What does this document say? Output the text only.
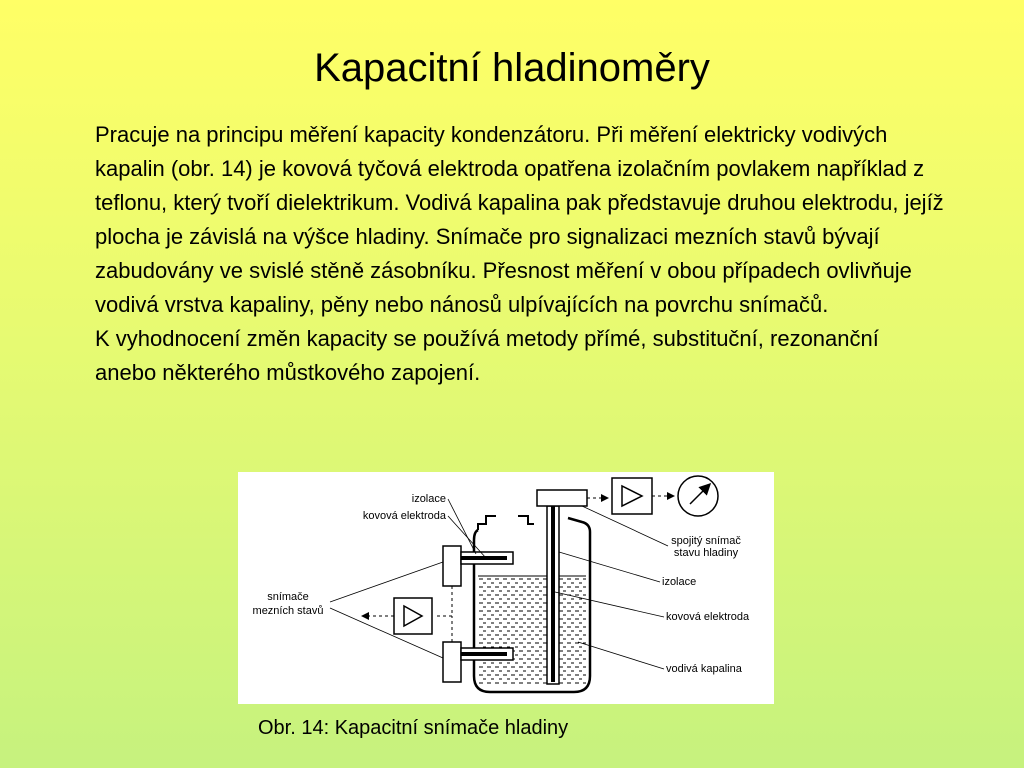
Kapacitní hladinoměry

Pracuje na principu měření kapacity kondenzátoru. Při měření elektricky vodivých kapalin (obr. 14) je kovová tyčová elektroda opatřena izolačním povlakem například z teflonu, který tvoří dielektrikum. Vodivá kapalina pak představuje druhou elektrodu, jejíž plocha je závislá na výšce hladiny. Snímače pro signalizaci mezních stavů bývají zabudovány ve svislé stěně zásobníku. Přesnost měření v obou případech ovlivňuje vodivá vrstva kapaliny, pěny nebo nánosů ulpívajících na povrchu snímačů.

K vyhodnocení změn kapacity se používá metody přímé, substituční, rezonanční anebo některého můstkového zapojení.

izolace
kovová elektroda
snímače
mezních stavů
spojitý snímač
stavu hladiny
izolace
kovová elektroda
vodivá kapalina
Obr. 14: Kapacitní snímače hladiny
